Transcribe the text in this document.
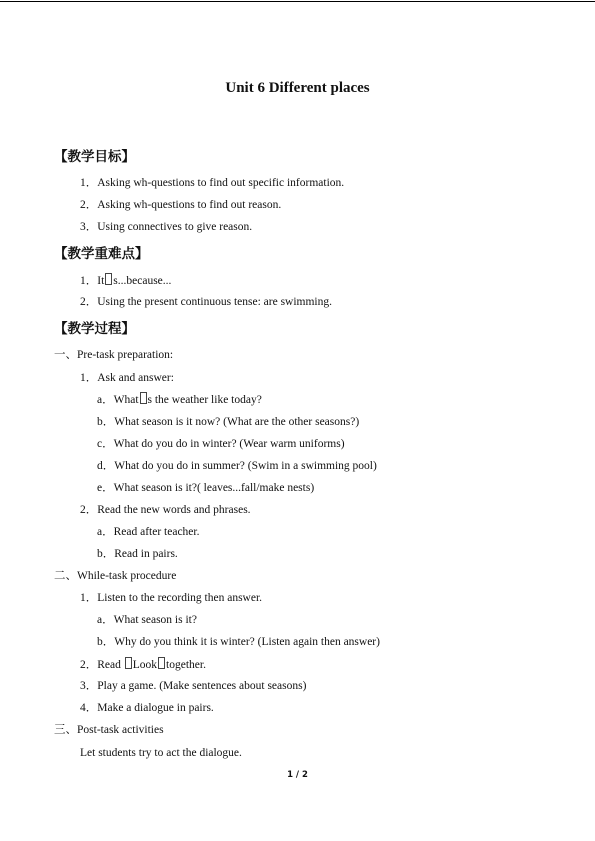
Unit 6 Different places
【教学目标】
1．Asking wh-questions to find out specific information.
2．Asking wh-questions to find out reason.
3．Using connectives to give reason.
【教学重难点】
1．It s...because...
2．Using the present continuous tense: are swimming.
【教学过程】
一、Pre-task preparation:
1．Ask and answer:
a．What s the weather like today?
b．What season is it now? (What are the other seasons?)
c．What do you do in winter? (Wear warm uniforms)
d．What do you do in summer? (Swim in a swimming pool)
e．What season is it?( leaves...fall/make nests)
2．Read the new words and phrases.
a．Read after teacher.
b．Read in pairs.
二、While-task procedure
1．Listen to the recording then answer.
a．What season is it?
b．Why do you think it is winter? (Listen again then answer)
2．Read Look together.
3．Play a game. (Make sentences about seasons)
4．Make a dialogue in pairs.
三、Post-task activities
Let students try to act the dialogue.
1 / 2
